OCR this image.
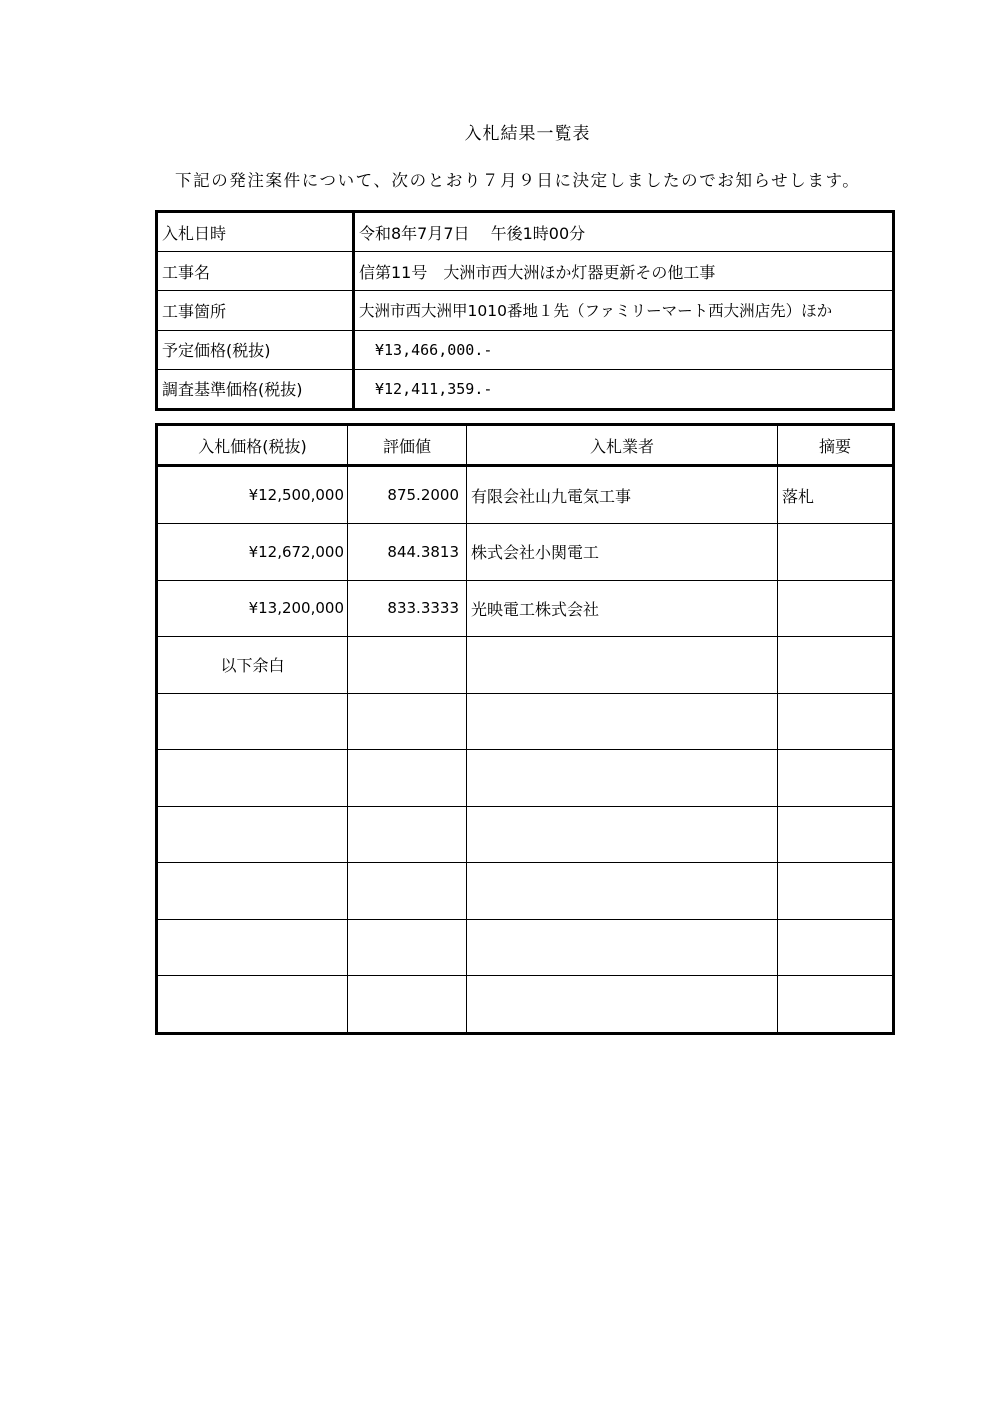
入札結果一覧表
下記の発注案件について、次のとおり７月９日に決定しましたのでお知らせします。
入札日時	令和8年7月7日　 午後1時00分
工事名	信第11号　大洲市西大洲ほか灯器更新その他工事
工事箇所	大洲市西大洲甲1010番地１先（ファミリーマート西大洲店先）ほか
予定価格(税抜)	¥13,466,000.-
調査基準価格(税抜)	¥12,411,359.-
入札価格(税抜)	評価値	入札業者	摘要
¥12,500,000	875.2000	有限会社山九電気工事	落札
¥12,672,000	844.3813	株式会社小関電工	
¥13,200,000	833.3333	光映電工株式会社	
以下余白			
